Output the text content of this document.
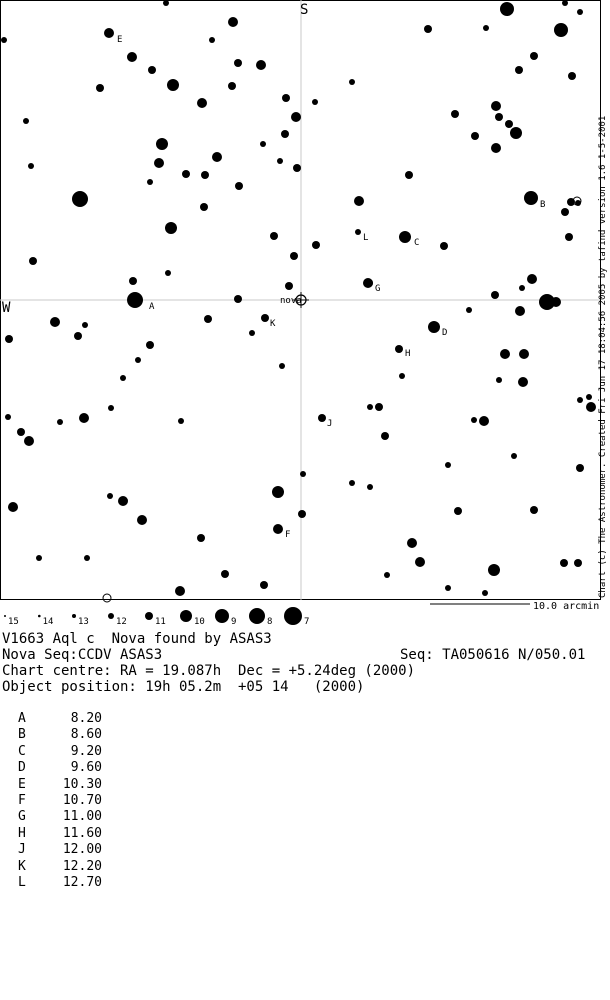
A
B
C
D
E
F
G
H
J
K
L
nova
S
W
10.0 arcmin
15	14	13	12	11	10	9	8	7
Chart (c) The Astronomer. Created Fri Jun 17 18:04:56 2005 by tafind version 1.6 1-5-2001
V1663 Aql c  Nova found by ASAS3
Nova Seq:CCDV ASAS3	Seq: TA050616 N/050.01
Chart centre: RA = 19.087h  Dec = +5.24deg (2000)
Object position: 19h 05.2m  +05 14   (2000)
A	8.20
B	8.60
C	9.20
D	9.60
E	10.30
F	10.70
G	11.00
H	11.60
J	12.00
K	12.20
L	12.70
